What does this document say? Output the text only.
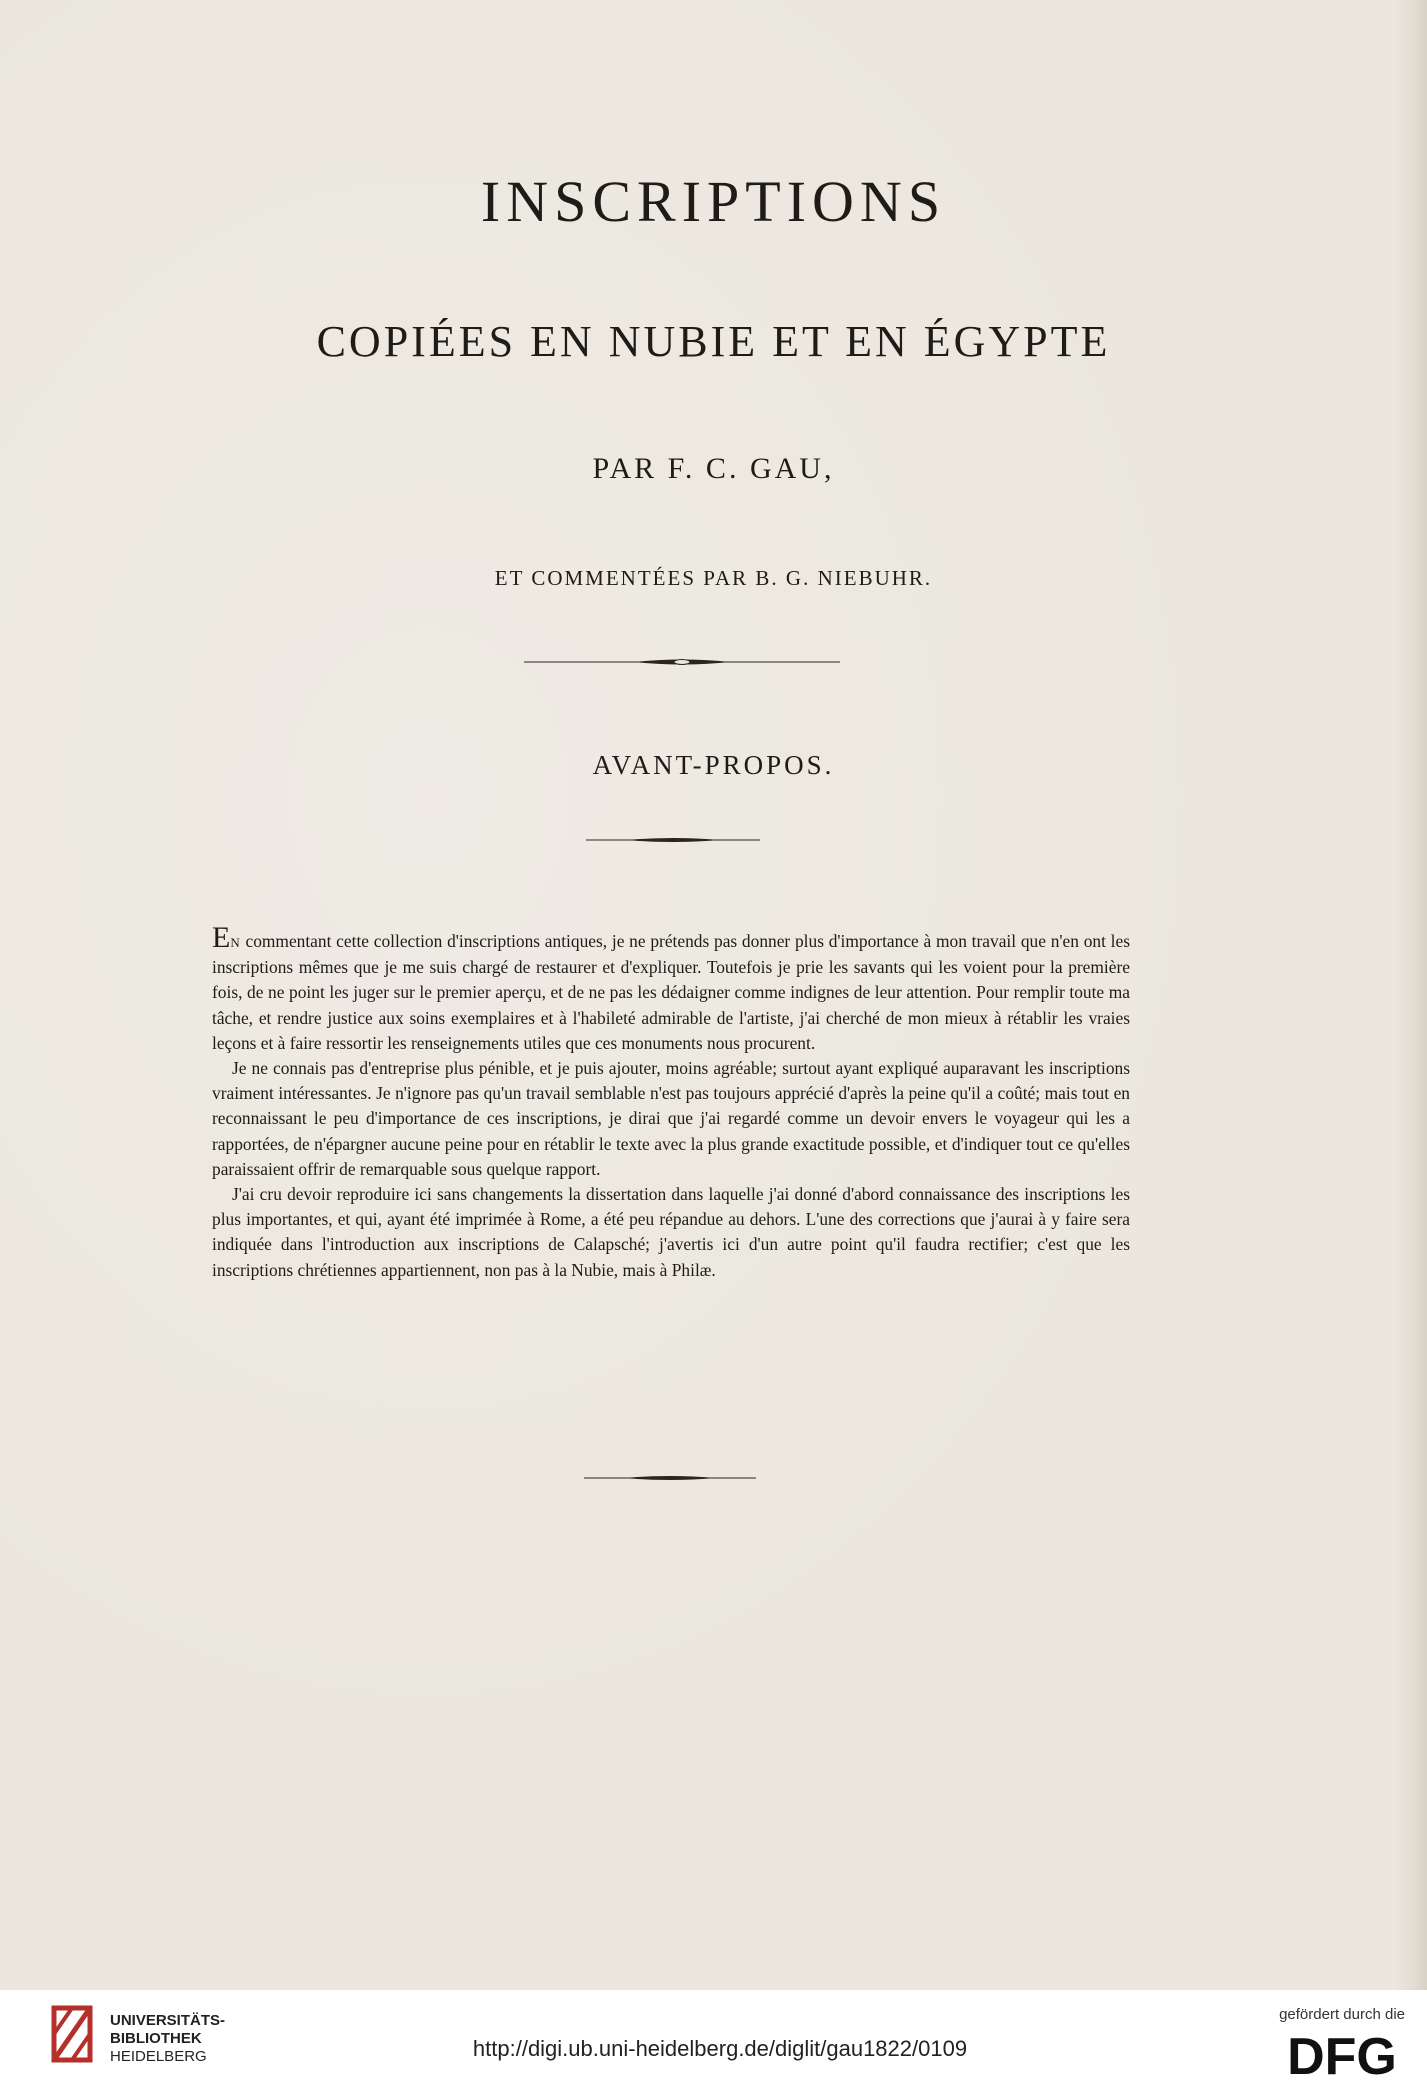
INSCRIPTIONS
COPIÉES EN NUBIE ET EN ÉGYPTE
PAR F. C. GAU,
ET COMMENTÉES PAR B. G. NIEBUHR.
AVANT-PROPOS.

EN commentant cette collection d'inscriptions antiques, je ne prétends pas donner plus d'importance à mon travail que n'en ont les inscriptions mêmes que je me suis chargé de restaurer et d'expliquer. Toutefois je prie les savants qui les voient pour la première fois, de ne point les juger sur le premier aperçu, et de ne pas les dédaigner comme indignes de leur attention. Pour remplir toute ma tâche, et rendre justice aux soins exemplaires et à l'habileté admirable de l'artiste, j'ai cherché de mon mieux à rétablir les vraies leçons et à faire ressortir les renseignements utiles que ces monuments nous procurent.

Je ne connais pas d'entreprise plus pénible, et je puis ajouter, moins agréable; surtout ayant expliqué auparavant les inscriptions vraiment intéressantes. Je n'ignore pas qu'un travail semblable n'est pas toujours apprécié d'après la peine qu'il a coûté; mais tout en reconnaissant le peu d'importance de ces inscriptions, je dirai que j'ai regardé comme un devoir envers le voyageur qui les a rapportées, de n'épargner aucune peine pour en rétablir le texte avec la plus grande exactitude possible, et d'indiquer tout ce qu'elles paraissaient offrir de remarquable sous quelque rapport.

J'ai cru devoir reproduire ici sans changements la dissertation dans laquelle j'ai donné d'abord connaissance des inscriptions les plus importantes, et qui, ayant été imprimée à Rome, a été peu répandue au dehors. L'une des corrections que j'aurai à y faire sera indiquée dans l'introduction aux inscriptions de Calapsché; j'avertis ici d'un autre point qu'il faudra rectifier; c'est que les inscriptions chrétiennes appartiennent, non pas à la Nubie, mais à Philæ.

UNIVERSITÄTS-
BIBLIOTHEK
HEIDELBERG	http://digi.ub.uni-heidelberg.de/diglit/gau1822/0109
gefördert durch die
DFG
